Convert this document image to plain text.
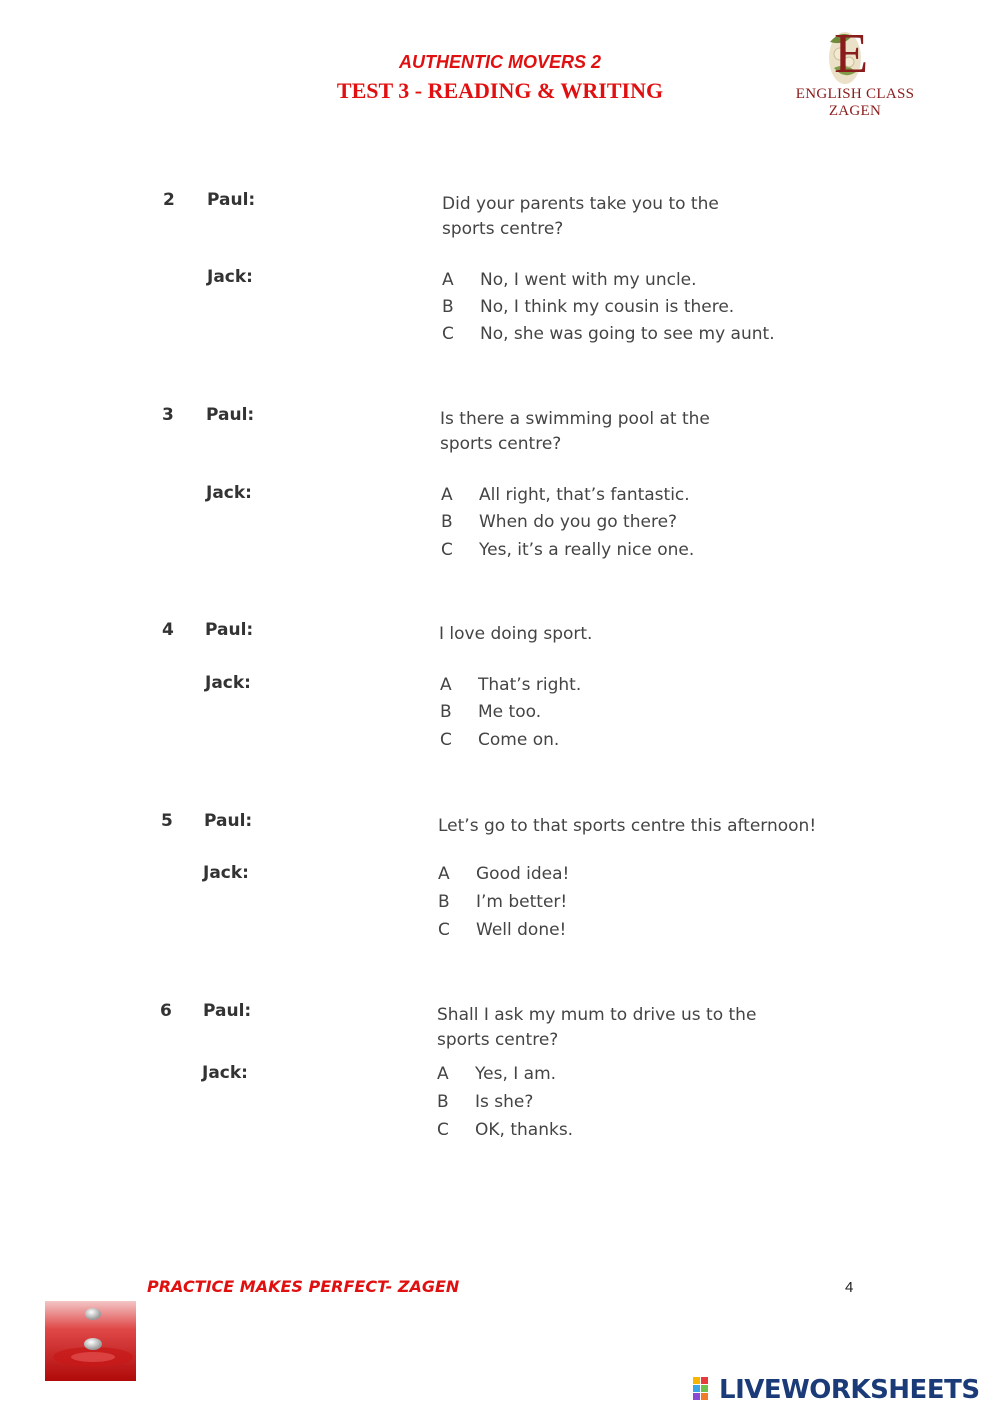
AUTHENTIC MOVERS 2
TEST 3 - READING & WRITING
E
ENGLISH CLASS ZAGEN
2 Paul:	Did your parents take you to the
sports centre?
Jack:	A No, I went with my uncle.
B No, I think my cousin is there.
C No, she was going to see my aunt.
3 Paul:	Is there a swimming pool at the
sports centre?
Jack:	A All right, that’s fantastic.
B When do you go there?
C Yes, it’s a really nice one.
4 Paul:	I love doing sport.
Jack:	A That’s right.
B Me too.
C Come on.
5 Paul:	Let’s go to that sports centre this afternoon!
Jack:	A Good idea!
B I’m better!
C Well done!
6 Paul:	Shall I ask my mum to drive us to the
sports centre?
Jack:	A Yes, I am.
B Is she?
C OK, thanks.
PRACTICE MAKES PERFECT- ZAGEN	4
LIVEWORKSHEETS
